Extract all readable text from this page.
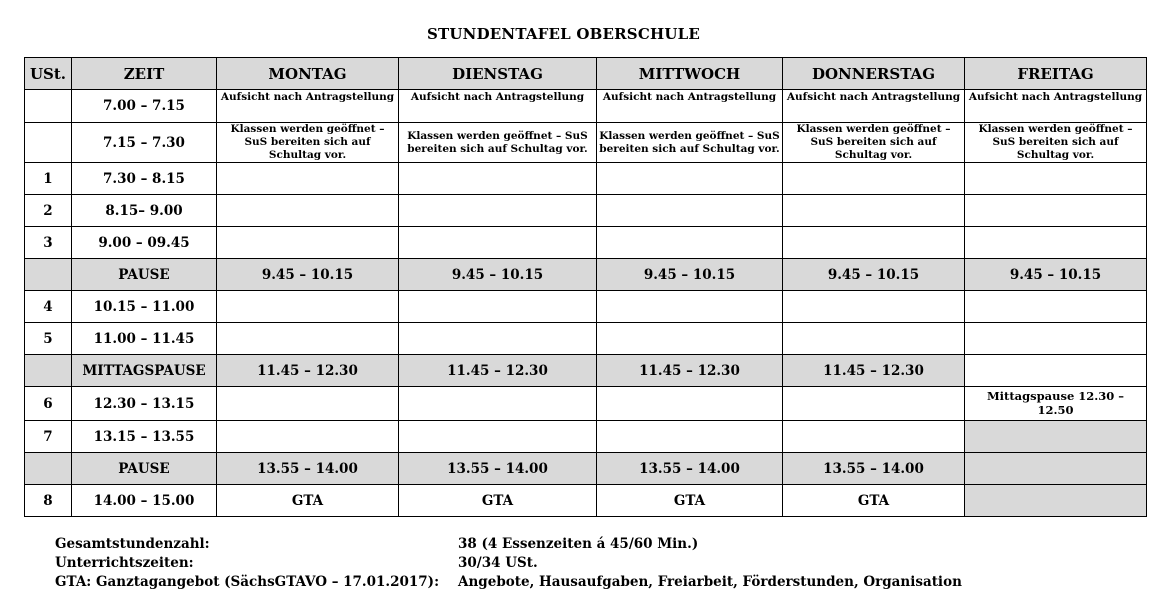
STUNDENTAFEL OBERSCHULE
USt.	ZEIT	MONTAG	DIENSTAG	MITTWOCH	DONNERSTAG	FREITAG
	7.00 – 7.15	Aufsicht nach Antragstellung	Aufsicht nach Antragstellung	Aufsicht nach Antragstellung	Aufsicht nach Antragstellung	Aufsicht nach Antragstellung
	7.15 – 7.30	Klassen werden geöffnet – SuS bereiten sich auf Schultag vor.	Klassen werden geöffnet – SuS bereiten sich auf Schultag vor.	Klassen werden geöffnet – SuS bereiten sich auf Schultag vor.	Klassen werden geöffnet – SuS bereiten sich auf Schultag vor.	Klassen werden geöffnet – SuS bereiten sich auf Schultag vor.
1	7.30 – 8.15					
2	8.15– 9.00					
3	9.00 – 09.45					
	PAUSE	9.45 – 10.15	9.45 – 10.15	9.45 – 10.15	9.45 – 10.15	9.45 – 10.15
4	10.15 – 11.00					
5	11.00 – 11.45					
	MITTAGSPAUSE	11.45 – 12.30	11.45 – 12.30	11.45 – 12.30	11.45 – 12.30	
6	12.30 – 13.15					Mittagspause 12.30 – 12.50
7	13.15 – 13.55					
	PAUSE	13.55 – 14.00	13.55 – 14.00	13.55 – 14.00	13.55 – 14.00	
8	14.00 – 15.00	GTA	GTA	GTA	GTA	
Gesamtstundenzahl:	38 (4 Essenzeiten á 45/60 Min.)
Unterrichtszeiten:	30/34 USt.
GTA: Ganztagangebot (SächsGTAVO – 17.01.2017): Angebote, Hausaufgaben, Freiarbeit, Förderstunden, Organisation
